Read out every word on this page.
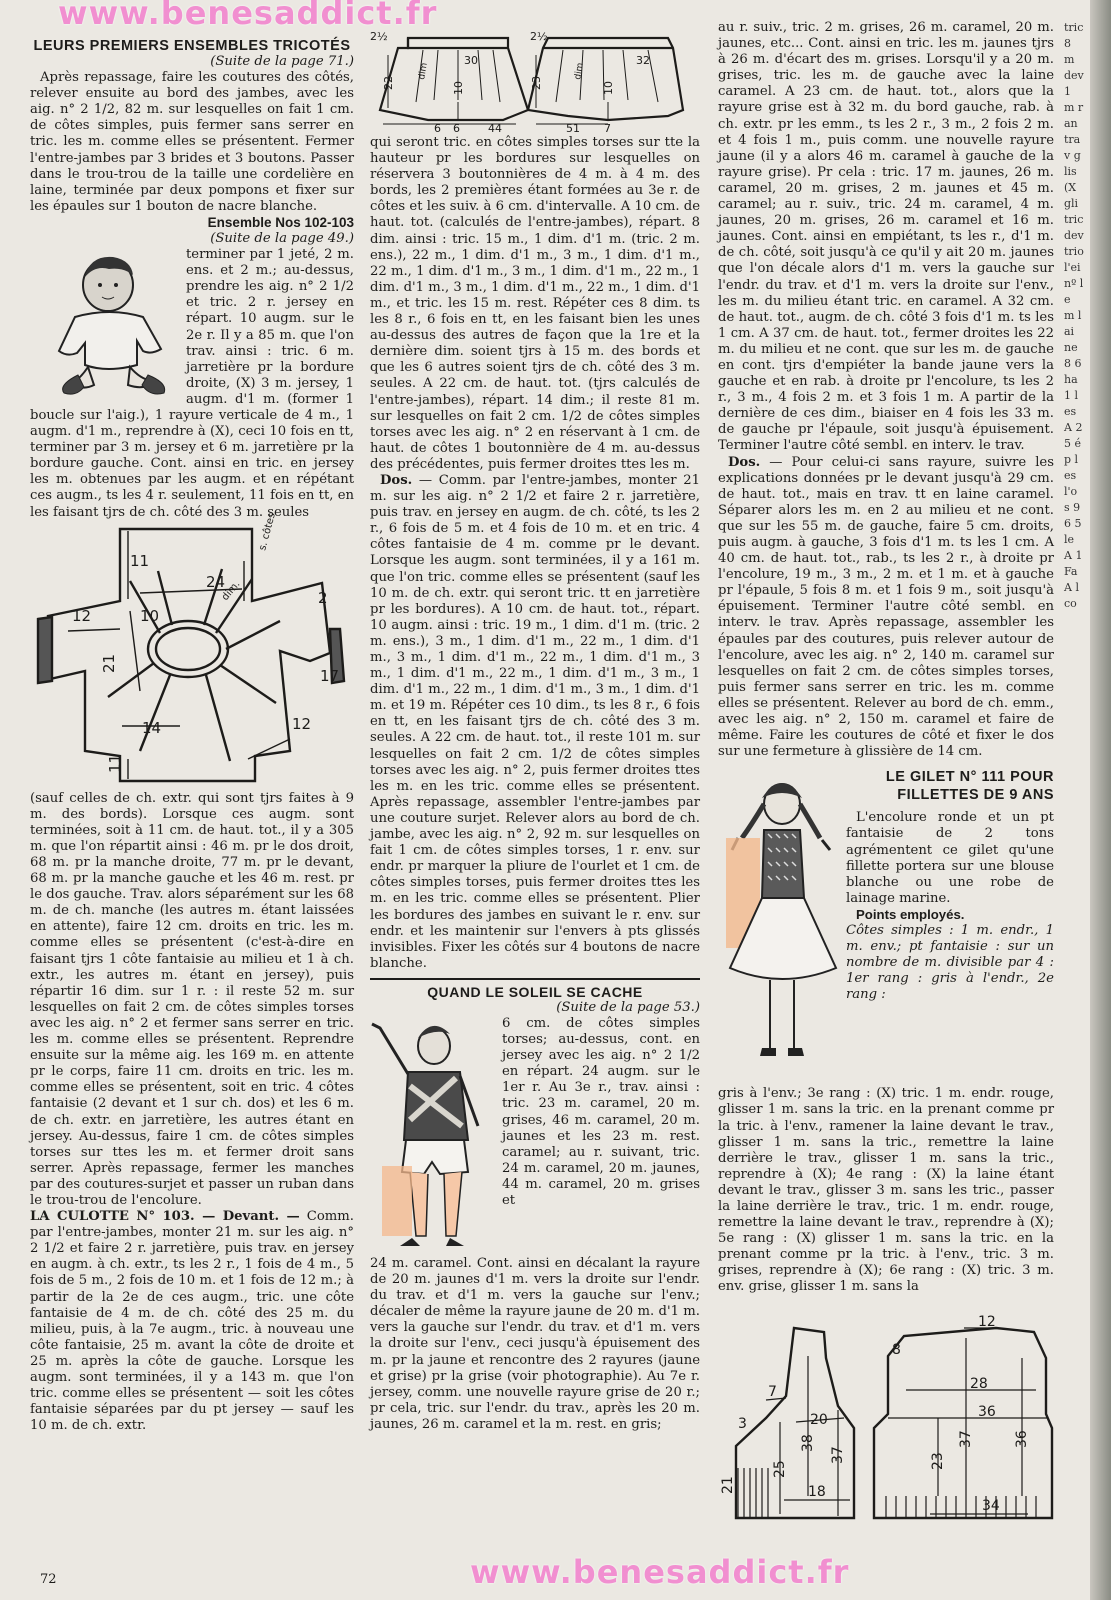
LEURS PREMIERS ENSEMBLES TRICOTÉS

(Suite de la page 71.)

Après repassage, faire les coutures des côtés, relever ensuite au bord des jambes, avec les aig. n° 2 1/2, 82 m. sur lesquelles on fait 1 cm. de côtes simples, puis fermer sans serrer en tric. les m. comme elles se présentent. Fermer l'entre-jambes par 3 brides et 3 boutons. Passer dans le trou-trou de la taille une cordelière en laine, terminée par deux pompons et fixer sur les épaules sur 1 bouton de nacre blanche.

Ensemble Nos 102-103

(Suite de la page 49.)

terminer par 1 jeté, 2 m. ens. et 2 m.; au-dessus, prendre les aig. n° 2 1/2 et tric. 2 r. jersey en répart. 10 augm. sur le 2e r. Il y a 85 m. que l'on trav. ainsi : tric. 6 m. jarretière pr la bordure droite, (X) 3 m. jersey, 1 augm. d'1 m. (former 1 boucle sur l'aig.), 1 rayure verticale de 4 m., 1 augm. d'1 m., reprendre à (X), ceci 10 fois en tt, terminer par 3 m. jersey et 6 m. jarretière pr la bordure gauche. Cont. ainsi en tric. en jersey les m. obtenues par les augm. et en répétant ces augm., ts les 4 r. seulement, 11 fois en tt, en les faisant tjrs de ch. côté des 3 m. seules

11
s. côtes
24
2
12	10
21
17
14	12
11
dim.

(sauf celles de ch. extr. qui sont tjrs faites à 9 m. des bords). Lorsque ces augm. sont terminées, soit à 11 cm. de haut. tot., il y a 305 m. que l'on répartit ainsi : 46 m. pr le dos droit, 68 m. pr la manche droite, 77 m. pr le devant, 68 m. pr la manche gauche et les 46 m. rest. pr le dos gauche. Trav. alors séparément sur les 68 m. de ch. manche (les autres m. étant laissées en attente), faire 12 cm. droits en tric. les m. comme elles se présentent (c'est-à-dire en faisant tjrs 1 côte fantaisie au milieu et 1 à ch. extr., les autres m. étant en jersey), puis répartir 16 dim. sur 1 r. : il reste 52 m. sur lesquelles on fait 2 cm. de côtes simples torses avec les aig. n° 2 et fermer sans serrer en tric. les m. comme elles se présentent. Reprendre ensuite sur la même aig. les 169 m. en attente pr le corps, faire 11 cm. droits en tric. les m. comme elles se présentent, soit en tric. 4 côtes fantaisie (2 devant et 1 sur ch. dos) et les 6 m. de ch. extr. en jarretière, les autres étant en jersey. Au-dessus, faire 1 cm. de côtes simples torses sur ttes les m. et fermer droit sans serrer. Après repassage, fermer les manches par des coutures-surjet et passer un ruban dans le trou-trou de l'encolure.

LA CULOTTE N° 103. — Devant. — Comm. par l'entre-jambes, monter 21 m. sur les aig. n° 2 1/2 et faire 2 r. jarretière, puis trav. en jersey en augm. à ch. extr., ts les 2 r., 1 fois de 4 m., 5 fois de 5 m., 2 fois de 10 m. et 1 fois de 12 m.; à partir de la 2e de ces augm., tric. une côte fantaisie de 4 m. de ch. côté des 25 m. du milieu, puis, à la 7e augm., tric. à nouveau une côte fantaisie, 25 m. avant la côte de droite et 25 m. après la côte de gauche. Lorsque les augm. sont terminées, il y a 143 m. que l'on tric. comme elles se présentent — soit les côtes fantaisie séparées par du pt jersey — sauf les 10 m. de ch. extr.

2½
22	10
6
30
44
6
dim
2½
23	10
51
32
7
dim

qui seront tric. en côtes simples torses sur tte la hauteur pr les bordures sur lesquelles on réservera 3 boutonnières de 4 m. à 4 m. des bords, les 2 premières étant formées au 3e r. de côtes et les suiv. à 6 cm. d'intervalle. A 10 cm. de haut. tot. (calculés de l'entre-jambes), répart. 8 dim. ainsi : tric. 15 m., 1 dim. d'1 m. (tric. 2 m. ens.), 22 m., 1 dim. d'1 m., 3 m., 1 dim. d'1 m., 22 m., 1 dim. d'1 m., 3 m., 1 dim. d'1 m., 22 m., 1 dim. d'1 m., 3 m., 1 dim. d'1 m., 22 m., 1 dim. d'1 m., et tric. les 15 m. rest. Répéter ces 8 dim. ts les 8 r., 6 fois en tt, en les faisant bien les unes au-dessus des autres de façon que la 1re et la dernière dim. soient tjrs à 15 m. des bords et que les 6 autres soient tjrs de ch. côté des 3 m. seules. A 22 cm. de haut. tot. (tjrs calculés de l'entre-jambes), répart. 14 dim.; il reste 81 m. sur lesquelles on fait 2 cm. 1/2 de côtes simples torses avec les aig. n° 2 en réservant à 1 cm. de haut. de côtes 1 boutonnière de 4 m. au-dessus des précédentes, puis fermer droites ttes les m.

Dos. — Comm. par l'entre-jambes, monter 21 m. sur les aig. n° 2 1/2 et faire 2 r. jarretière, puis trav. en jersey en augm. de ch. côté, ts les 2 r., 6 fois de 5 m. et 4 fois de 10 m. et en tric. 4 côtes fantaisie de 4 m. comme pr le devant. Lorsque les augm. sont terminées, il y a 161 m. que l'on tric. comme elles se présentent (sauf les 10 m. de ch. extr. qui seront tric. tt en jarretière pr les bordures). A 10 cm. de haut. tot., répart. 10 augm. ainsi : tric. 19 m., 1 dim. d'1 m. (tric. 2 m. ens.), 3 m., 1 dim. d'1 m., 22 m., 1 dim. d'1 m., 3 m., 1 dim. d'1 m., 22 m., 1 dim. d'1 m., 3 m., 1 dim. d'1 m., 22 m., 1 dim. d'1 m., 3 m., 1 dim. d'1 m., 22 m., 1 dim. d'1 m., 3 m., 1 dim. d'1 m. et 19 m. Répéter ces 10 dim., ts les 8 r., 6 fois en tt, en les faisant tjrs de ch. côté des 3 m. seules. A 22 cm. de haut. tot., il reste 101 m. sur lesquelles on fait 2 cm. 1/2 de côtes simples torses avec les aig. n° 2, puis fermer droites ttes les m. en les tric. comme elles se présentent. Après repassage, assembler l'entre-jambes par une couture surjet. Relever alors au bord de ch. jambe, avec les aig. n° 2, 92 m. sur lesquelles on fait 1 cm. de côtes simples torses, 1 r. env. sur endr. pr marquer la pliure de l'ourlet et 1 cm. de côtes simples torses, puis fermer droites ttes les m. en les tric. comme elles se présentent. Plier les bordures des jambes en suivant le r. env. sur endr. et les maintenir sur l'envers à pts glissés invisibles. Fixer les côtés sur 4 boutons de nacre blanche.

QUAND LE SOLEIL SE CACHE

(Suite de la page 53.)

6 cm. de côtes simples torses; au-dessus, cont. en jersey avec les aig. n° 2 1/2 en répart. 24 augm. sur le 1er r. Au 3e r., trav. ainsi : tric. 23 m. caramel, 20 m. grises, 46 m. caramel, 20 m. jaunes et les 23 m. rest. caramel; au r. suivant, tric. 24 m. caramel, 20 m. jaunes, 44 m. caramel, 20 m. grises et

24 m. caramel. Cont. ainsi en décalant la rayure de 20 m. jaunes d'1 m. vers la droite sur l'endr. du trav. et d'1 m. vers la gauche sur l'env.; décaler de même la rayure jaune de 20 m. d'1 m. vers la gauche sur l'endr. du trav. et d'1 m. vers la droite sur l'env., ceci jusqu'à épuisement des m. pr la jaune et rencontre des 2 rayures (jaune et grise) pr la grise (voir photographie). Au 7e r. jersey, comm. une nouvelle rayure grise de 20 r.; pr cela, tric. sur l'endr. du trav., après les 20 m. jaunes, 26 m. caramel et la m. rest. en gris;

au r. suiv., tric. 2 m. grises, 26 m. caramel, 20 m. jaunes, etc... Cont. ainsi en tric. les m. jaunes tjrs à 26 m. d'écart des m. grises. Lorsqu'il y a 20 m. grises, tric. les m. de gauche avec la laine caramel. A 23 cm. de haut. tot., alors que la rayure grise est à 32 m. du bord gauche, rab. à ch. extr. pr les emm., ts les 2 r., 3 m., 2 fois 2 m. et 4 fois 1 m., puis comm. une nouvelle rayure jaune (il y a alors 46 m. caramel à gauche de la rayure grise). Pr cela : tric. 17 m. jaunes, 26 m. caramel, 20 m. grises, 2 m. jaunes et 45 m. caramel; au r. suiv., tric. 24 m. caramel, 4 m. jaunes, 20 m. grises, 26 m. caramel et 16 m. jaunes. Cont. ainsi en empiétant, ts les r., d'1 m. de ch. côté, soit jusqu'à ce qu'il y ait 20 m. jaunes que l'on décale alors d'1 m. vers la gauche sur l'endr. du trav. et d'1 m. vers la droite sur l'env., les m. du milieu étant tric. en caramel. A 32 cm. de haut. tot., augm. de ch. côté 3 fois d'1 m. ts les 1 cm. A 37 cm. de haut. tot., fermer droites les 22 m. du milieu et ne cont. que sur les m. de gauche en cont. tjrs d'empiéter la bande jaune vers la gauche et en rab. à droite pr l'encolure, ts les 2 r., 3 m., 4 fois 2 m. et 3 fois 1 m. A partir de la dernière de ces dim., biaiser en 4 fois les 33 m. de gauche pr l'épaule, soit jusqu'à épuisement. Terminer l'autre côté sembl. en interv. le trav.

Dos. — Pour celui-ci sans rayure, suivre les explications données pr le devant jusqu'à 29 cm. de haut. tot., mais en trav. tt en laine caramel. Séparer alors les m. en 2 au milieu et ne cont. que sur les 55 m. de gauche, faire 5 cm. droits, puis augm. à gauche, 3 fois d'1 m. ts les 1 cm. A 40 cm. de haut. tot., rab., ts les 2 r., à droite pr l'encolure, 19 m., 3 m., 2 m. et 1 m. et à gauche pr l'épaule, 5 fois 8 m. et 1 fois 9 m., soit jusqu'à épuisement. Terminer l'autre côté sembl. en interv. le trav. Après repassage, assembler les épaules par des coutures, puis relever autour de l'encolure, avec les aig. n° 2, 140 m. caramel sur lesquelles on fait 2 cm. de côtes simples torses, puis fermer sans serrer en tric. les m. comme elles se présentent. Relever au bord de ch. emm., avec les aig. n° 2, 150 m. caramel et faire de même. Faire les coutures de côté et fixer le dos sur une fermeture à glissière de 14 cm.

LE GILET N° 111 POUR FILLETTES DE 9 ANS

L'encolure ronde et un pt fantaisie de 2 tons agrémentent ce gilet qu'une fillette portera sur une blouse blanche ou une robe de lainage marine.

Points employés.

Côtes simples : 1 m. endr., 1 m. env.; pt fantaisie : sur un nombre de m. divisible par 4 : 1er rang : gris à l'endr., 2e rang :

gris à l'env.; 3e rang : (X) tric. 1 m. endr. rouge, glisser 1 m. sans la tric. en la prenant comme pr la tric. à l'env., ramener la laine devant le trav., glisser 1 m. sans la tric., remettre la laine derrière le trav., glisser 1 m. sans la tric., reprendre à (X); 4e rang : (X) la laine étant devant le trav., glisser 3 m. sans les tric., passer la laine derrière le trav., tric. 1 m. endr. rouge, remettre la laine devant le trav., reprendre à (X); 5e rang : (X) glisser 1 m. sans la tric. en la prenant comme pr la tric. à l'env., tric. 3 m. grises, reprendre à (X); 6e rang : (X) tric. 3 m. env. grise, glisser 1 m. sans la

7
3	20
25
38
37
21	18
12
28
36
23
37	36
34
8
tric 8 m dev 1 m ran trav glis (X gli tric dev trio l'ei nº le m lai ne 8 6 ha 1 les A 25 ép les l'o s 96 5 le A 1 Fa A l co
72
www.benesaddict.fr
www.benesaddict.fr
